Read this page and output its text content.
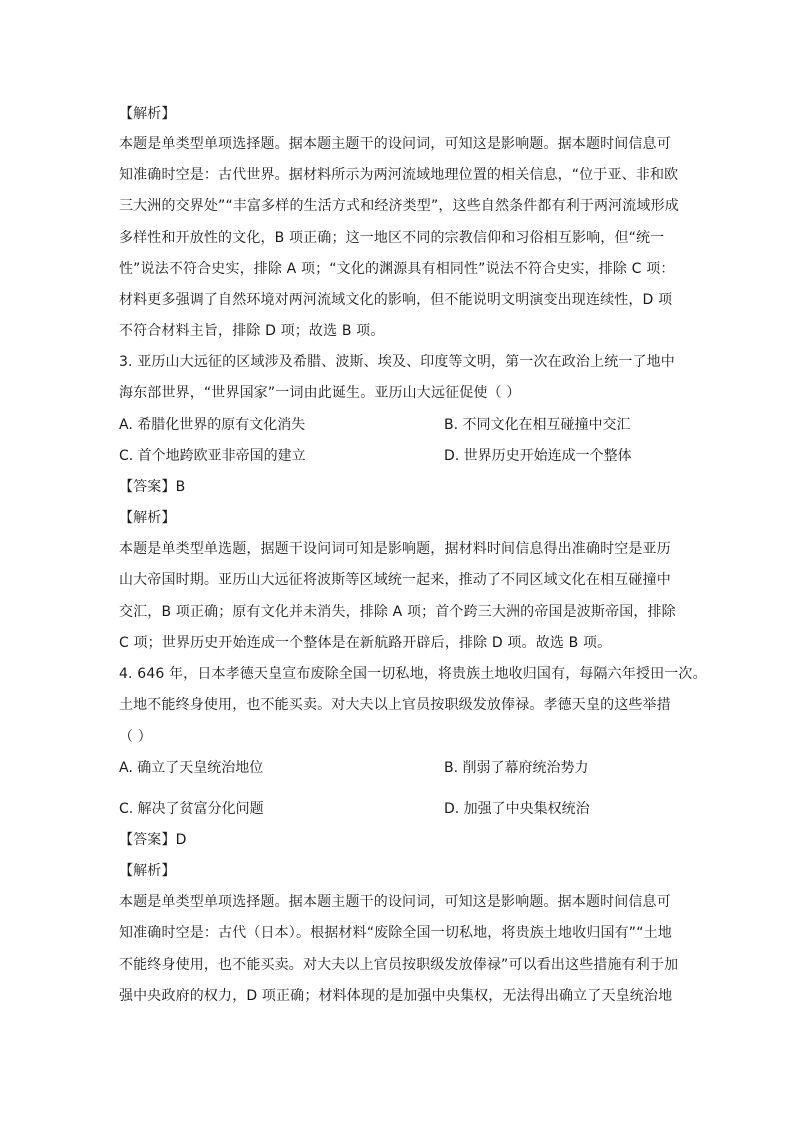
【解析】
本题是单类型单项选择题。据本题主题干的设问词，可知这是影响题。据本题时间信息可
知准确时空是：古代世界。据材料所示为两河流域地理位置的相关信息，“位于亚、非和欧
三大洲的交界处”“丰富多样的生活方式和经济类型”，这些自然条件都有利于两河流域形成
多样性和开放性的文化，B 项正确；这一地区不同的宗教信仰和习俗相互影响，但“统一
性”说法不符合史实，排除 A 项；“文化的渊源具有相同性”说法不符合史实，排除 C 项：
材料更多强调了自然环境对两河流域文化的影响，但不能说明文明演变出现连续性，D 项
不符合材料主旨，排除 D 项；故选 B 项。
3. 亚历山大远征的区域涉及希腊、波斯、埃及、印度等文明，第一次在政治上统一了地中
海东部世界，“世界国家”一词由此诞生。亚历山大远征促使（ ）
A. 希腊化世界的原有文化消失	B. 不同文化在相互碰撞中交汇
C. 首个地跨欧亚非帝国的建立	D. 世界历史开始连成一个整体
【答案】B
【解析】
本题是单类型单选题，据题干设问词可知是影响题，据材料时间信息得出准确时空是亚历
山大帝国时期。亚历山大远征将波斯等区域统一起来，推动了不同区域文化在相互碰撞中
交汇，B 项正确；原有文化并未消失，排除 A 项；首个跨三大洲的帝国是波斯帝国，排除
C 项；世界历史开始连成一个整体是在新航路开辟后，排除 D 项。故选 B 项。
4. 646 年，日本孝德天皇宣布废除全国一切私地，将贵族土地收归国有，每隔六年授田一次。
土地不能终身使用，也不能买卖。对大夫以上官员按职级发放俸禄。孝德天皇的这些举措
（ ）
A. 确立了天皇统治地位	B. 削弱了幕府统治势力
C. 解决了贫富分化问题	D. 加强了中央集权统治
【答案】D
【解析】
本题是单类型单项选择题。据本题主题干的设问词，可知这是影响题。据本题时间信息可
知准确时空是：古代（日本）。根据材料“废除全国一切私地，将贵族土地收归国有”“土地
不能终身使用，也不能买卖。对大夫以上官员按职级发放俸禄”可以看出这些措施有利于加
强中央政府的权力，D 项正确；材料体现的是加强中央集权，无法得出确立了天皇统治地
